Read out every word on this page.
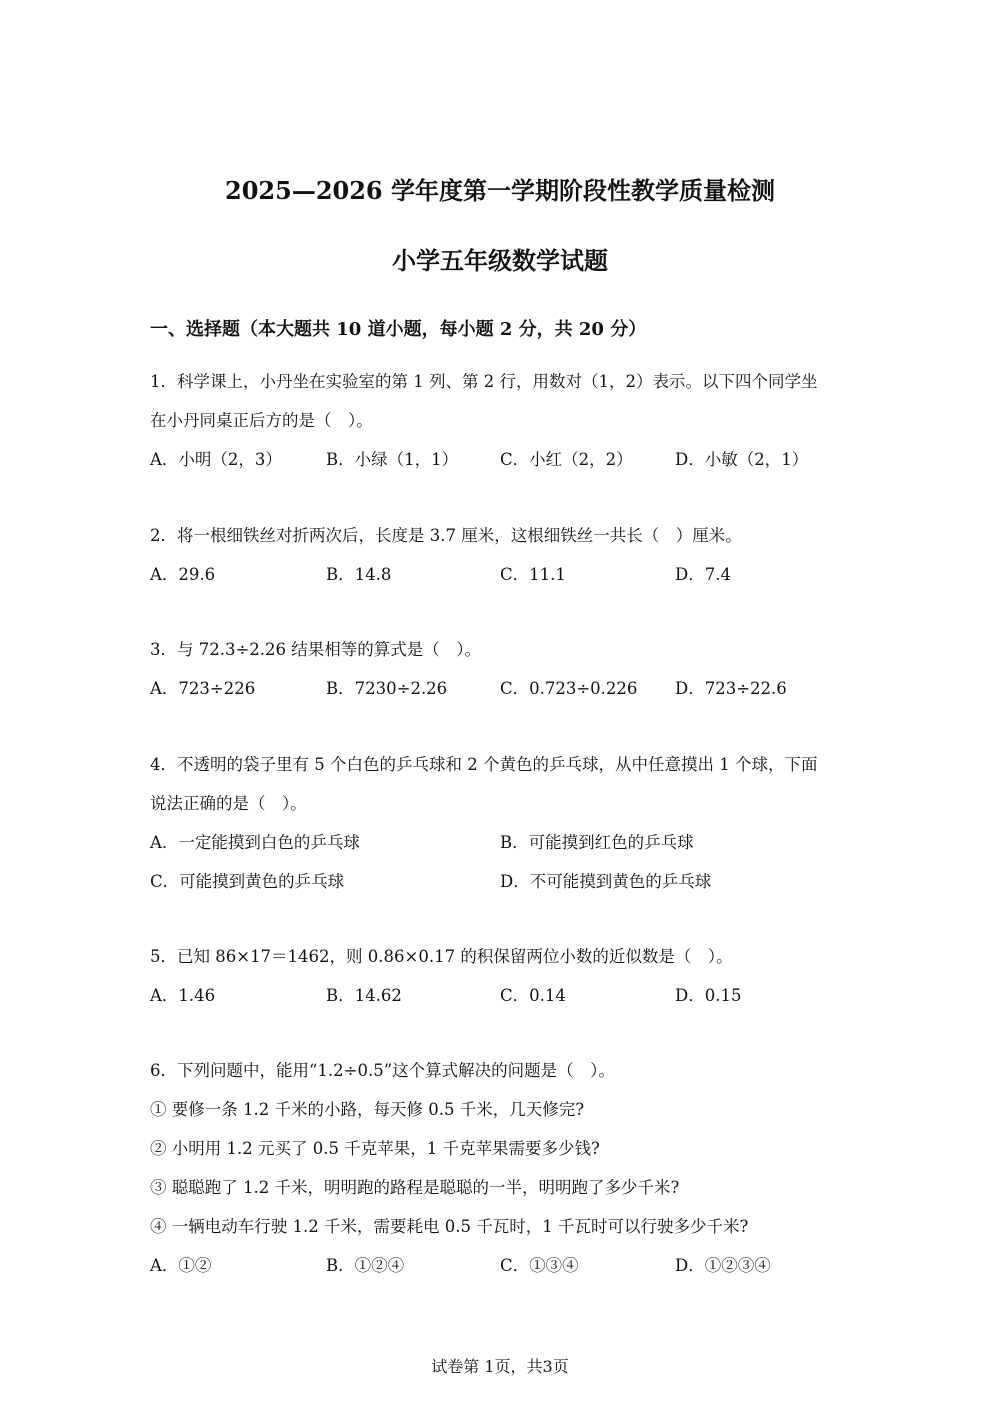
2025—2026 学年度第一学期阶段性教学质量检测
小学五年级数学试题
一、选择题（本大题共 10 道小题，每小题 2 分，共 20 分）
1．科学课上，小丹坐在实验室的第 1 列、第 2 行，用数对（1，2）表示。以下四个同学坐
在小丹同桌正后方的是（　）。
A．小明（2，3）	B．小绿（1，1）	C．小红（2，2）	D．小敏（2，1）
2．将一根细铁丝对折两次后，长度是 3.7 厘米，这根细铁丝一共长（　）厘米。
A．29.6	B．14.8	C．11.1	D．7.4
3．与 72.3÷2.26 结果相等的算式是（　）。
A．723÷226	B．7230÷2.26	C．0.723÷0.226 D．723÷22.6
4．不透明的袋子里有 5 个白色的乒乓球和 2 个黄色的乒乓球，从中任意摸出 1 个球，下面
说法正确的是（　）。
A．一定能摸到白色的乒乓球	B．可能摸到红色的乒乓球
C．可能摸到黄色的乒乓球	D．不可能摸到黄色的乒乓球
5．已知 86×17＝1462，则 0.86×0.17 的积保留两位小数的近似数是（　）。
A．1.46	B．14.62	C．0.14	D．0.15
6．下列问题中，能用“1.2÷0.5”这个算式解决的问题是（　）。
① 要修一条 1.2 千米的小路，每天修 0.5 千米，几天修完?
② 小明用 1.2 元买了 0.5 千克苹果，1 千克苹果需要多少钱?
③ 聪聪跑了 1.2 千米，明明跑的路程是聪聪的一半，明明跑了多少千米?
④ 一辆电动车行驶 1.2 千米，需要耗电 0.5 千瓦时，1 千瓦时可以行驶多少千米?
A．①②	B．①②④	C．①③④	D．①②③④
试卷第 1页，共3页
